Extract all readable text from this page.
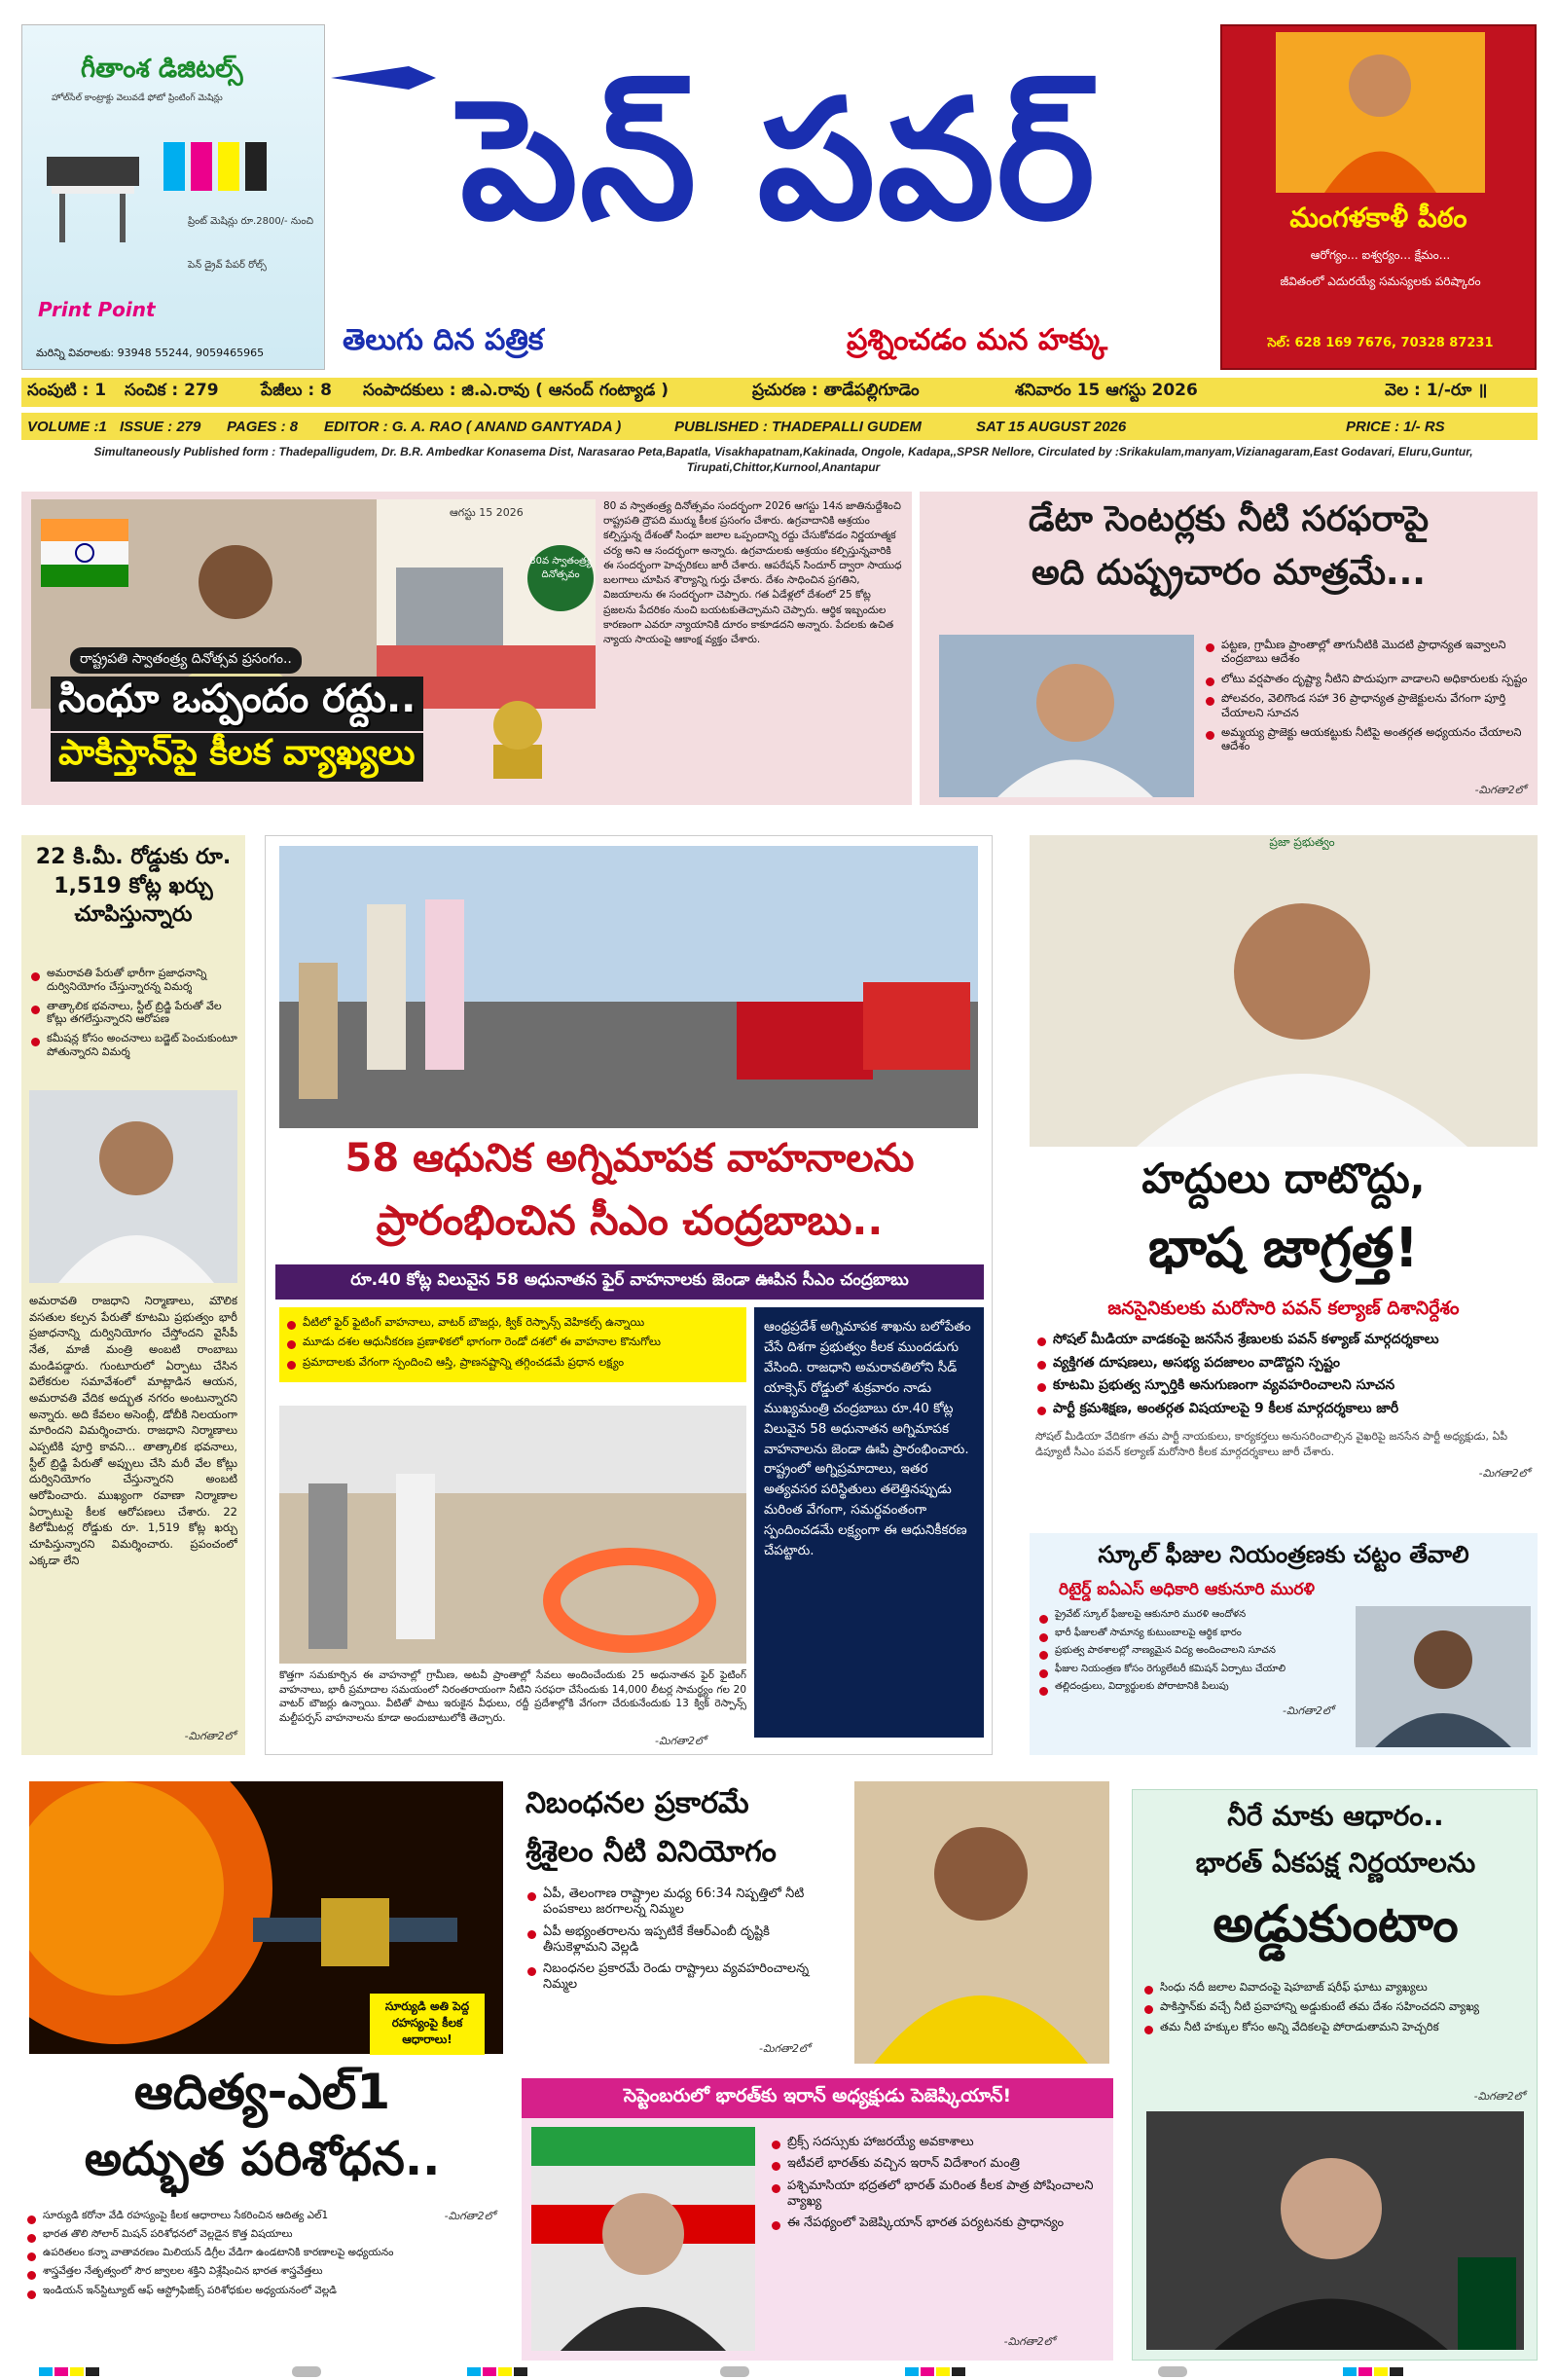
గీతాంశ డిజిటల్స్
హోల్‌సేల్ కాంట్రాక్టు వెలువడే ఫోటో ప్రింటింగ్ మెషిన్లు
ప్రింట్ మెషిన్లు రూ.2800/- నుంచి
పెన్ డ్రైవ్ పేపర్ రోల్స్
Print Point
మరిన్ని వివరాలకు: 93948 55244, 9059465965
పెన్ పవర్
తెలుగు దిన పత్రిక	ప్రశ్నించడం మన హక్కు
మంగళకాళీ పీఠం
ఆరోగ్యం... ఐశ్వర్యం... క్షేమం...
జీవితంలో ఎదురయ్యే సమస్యలకు పరిష్కారం
సెల్: 628 169 7676, 70328 87231
సంపుటి : 1	సంచిక : 279	పేజీలు : 8	సంపాదకులు : జి.ఎ.రావు ( ఆనంద్ గంట్యాడ )	ప్రచురణ : తాడేపల్లిగూడెం	శనివారం 15 ఆగస్టు 2026	వెల : 1/-రూ ॥
VOLUME :1 ISSUE : 279	PAGES : 8	EDITOR : G. A. RAO ( ANAND GANTYADA )	PUBLISHED : THADEPALLI GUDEM	SAT 15 AUGUST 2026	PRICE : 1/- RS
Simultaneously Published form : Thadepalligudem, Dr. B.R. Ambedkar Konasema Dist, Narasarao Peta,Bapatla, Visakhapatnam,Kakinada, Ongole, Kadapa,,SPSR Nellore, Circulated by :Srikakulam,manyam,Vizianagaram,East Godavari, Eluru,Guntur, Tirupati,Chittor,Kurnool,Anantapur
ఆగస్టు 15 2026
80వ స్వాతంత్ర్య దినోత్సవం
రాష్ట్రపతి స్వాతంత్ర్య దినోత్సవ ప్రసంగం..
సింధూ ఒప్పందం రద్దు..
పాకిస్తాన్‌పై కీలక వ్యాఖ్యలు
80 వ స్వాతంత్ర్య దినోత్సవం సందర్భంగా 2026 ఆగస్టు 14న జాతినుద్దేశించి రాష్ట్రపతి ద్రౌపది ముర్ము కీలక ప్రసంగం చేశారు. ఉగ్రవాదానికి ఆశ్రయం కల్పిస్తున్న దేశంతో సింధూ జలాల ఒప్పందాన్ని రద్దు చేసుకోవడం నిర్ణయాత్మక చర్య అని ఆ సందర్భంగా అన్నారు. ఉగ్రవాదులకు ఆశ్రయం కల్పిస్తున్నవారికి ఈ సందర్భంగా హెచ్చరికలు జారీ చేశారు. ఆపరేషన్ సిందూర్ ద్వారా సాయుధ బలగాలు చూపిన శౌర్యాన్ని గుర్తు చేశారు. దేశం సాధించిన ప్రగతిని, విజయాలను ఈ సందర్భంగా చెప్పారు. గత ఏడేళ్లలో దేశంలో 25 కోట్ల ప్రజలను పేదరికం నుంచి బయటకుతెచ్చామని చెప్పారు. ఆర్థిక ఇబ్బందుల కారణంగా ఎవరూ న్యాయానికి దూరం కాకూడదని అన్నారు. పేదలకు ఉచిత న్యాయ సాయంపై ఆకాంక్ష వ్యక్తం చేశారు.
డేటా సెంటర్లకు నీటి సరఫరాపై
అది దుష్ప్రచారం మాత్రమే...
పట్టణ, గ్రామీణ ప్రాంతాల్లో తాగునీటికి మొదటి ప్రాధాన్యత ఇవ్వాలని చంద్రబాబు ఆదేశం
లోటు వర్షపాతం దృష్ట్యా నీటిని పొదుపుగా వాడాలని అధికారులకు స్పష్టం
పోలవరం, వెలిగొండ సహా 36 ప్రాధాన్యత ప్రాజెక్టులను వేగంగా పూర్తి చేయాలని సూచన
అమ్మయ్య ప్రాజెక్టు ఆయకట్టుకు నీటిపై అంతర్గత అధ్యయనం చేయాలని ఆదేశం
-మిగతా2లో
22 కి.మీ. రోడ్డుకు రూ. 1,519 కోట్ల ఖర్చు చూపిస్తున్నారు
అమరావతి పేరుతో భారీగా ప్రజాధనాన్ని దుర్వినియోగం చేస్తున్నారన్న విమర్శ
తాత్కాలిక భవనాలు, స్టీల్ బ్రిడ్జి పేరుతో వేల కోట్లు తగలేస్తున్నారని ఆరోపణ
కమీషన్ల కోసం అంచనాలు బడ్జెట్ పెంచుకుంటూ పోతున్నారని విమర్శ
అమరావతి రాజధాని నిర్మాణాలు, మౌలిక వసతుల కల్పన పేరుతో కూటమి ప్రభుత్వం భారీ ప్రజాధనాన్ని దుర్వినియోగం చేస్తోందని వైసీపీ నేత, మాజీ మంత్రి అంబటి రాంబాబు మండిపడ్డారు. గుంటూరులో ఏర్పాటు చేసిన విలేకరుల సమావేశంలో మాట్లాడిన ఆయన, అమరావతి వేదిక అద్భుత నగరం అంటున్నారని అన్నారు. అది కేవలం అసెంబ్లీ, డోబీకి నిలయంగా మారిందని విమర్శించారు. రాజధాని నిర్మాణాలు ఎప్పటికి పూర్తి కావని... తాత్కాలిక భవనాలు, స్టీల్ బ్రిడ్జి పేరుతో అప్పులు చేసి మరీ వేల కోట్లు దుర్వినియోగం చేస్తున్నారని అంబటి ఆరోపించారు. ముఖ్యంగా రవాణా నిర్మాణాల ఏర్పాటుపై కీలక ఆరోపణలు చేశారు. 22 కిలోమీటర్ల రోడ్డుకు రూ. 1,519 కోట్ల ఖర్చు చూపిస్తున్నారని విమర్శించారు. ప్రపంచంలో ఎక్కడా లేని
-మిగతా2లో
58 ఆధునిక అగ్నిమాపక వాహనాలను
ప్రారంభించిన సీఎం చంద్రబాబు..
రూ.40 కోట్ల విలువైన 58 అధునాతన ఫైర్ వాహనాలకు జెండా ఊపిన సీఎం చంద్రబాబు
వీటిలో ఫైర్ ఫైటింగ్ వాహనాలు, వాటర్ బౌజర్లు, క్విక్ రెస్పాన్స్ వెహికల్స్ ఉన్నాయి
మూడు దశల ఆధునీకరణ ప్రణాళికలో భాగంగా రెండో దశలో ఈ వాహనాల కొనుగోలు
ప్రమాదాలకు వేగంగా స్పందించి ఆస్తి, ప్రాణనష్టాన్ని తగ్గించడమే ప్రధాన లక్ష్యం
ఆంధ్రప్రదేశ్ అగ్నిమాపక శాఖను బలోపేతం చేసే దిశగా ప్రభుత్వం కీలక ముందడుగు వేసింది. రాజధాని అమరావతిలోని సీడ్ యాక్సెస్ రోడ్డులో శుక్రవారం నాడు ముఖ్యమంత్రి చంద్రబాబు రూ.40 కోట్ల విలువైన 58 అధునాతన అగ్నిమాపక వాహనాలను జెండా ఊపి ప్రారంభించారు. రాష్ట్రంలో అగ్నిప్రమాదాలు, ఇతర అత్యవసర పరిస్థితులు తలెత్తినప్పుడు మరింత వేగంగా, సమర్థవంతంగా స్పందించడమే లక్ష్యంగా ఈ ఆధునికీకరణ చేపట్టారు.
కొత్తగా సమకూర్చిన ఈ వాహనాల్లో గ్రామీణ, అటవీ ప్రాంతాల్లో సేవలు అందించేందుకు 25 అధునాతన ఫైర్ ఫైటింగ్ వాహనాలు, భారీ ప్రమాదాల సమయంలో నిరంతరాయంగా నీటిని సరఫరా చేసేందుకు 14,000 లీటర్ల సామర్థ్యం గల 20 వాటర్ బౌజర్లు ఉన్నాయి. వీటితో పాటు ఇరుకైన వీధులు, రద్దీ ప్రదేశాల్లోకి వేగంగా చేరుకునేందుకు 13 క్విక్ రెస్పాన్స్ మల్టీపర్పస్ వాహనాలను కూడా అందుబాటులోకి తెచ్చారు.
-మిగతా2లో
ప్రజా ప్రభుత్వం
హద్దులు దాటొద్దు,
భాష జాగ్రత్త!
జనసైనికులకు మరోసారి పవన్ కల్యాణ్ దిశానిర్దేశం
సోషల్ మీడియా వాడకంపై జనసేన శ్రేణులకు పవన్ కళ్యాణ్ మార్గదర్శకాలు
వ్యక్తిగత దూషణలు, అసభ్య పదజాలం వాడొద్దని స్పష్టం
కూటమి ప్రభుత్వ స్ఫూర్తికి అనుగుణంగా వ్యవహరించాలని సూచన
పార్టీ క్రమశిక్షణ, అంతర్గత విషయాలపై 9 కీలక మార్గదర్శకాలు జారీ
సోషల్ మీడియా వేదికగా తమ పార్టీ నాయకులు, కార్యకర్తలు అనుసరించాల్సిన వైఖరిపై జనసేన పార్టీ అధ్యక్షుడు, ఏపీ డిప్యూటీ సీఎం పవన్ కల్యాణ్ మరోసారి కీలక మార్గదర్శకాలు జారీ చేశారు.
-మిగతా2లో
స్కూల్ ఫీజుల నియంత్రణకు చట్టం తేవాలి
రిటైర్డ్ ఐఏఎస్ అధికారి ఆకునూరి మురళి
ప్రైవేట్ స్కూల్ ఫీజులపై ఆకునూరి మురళి ఆందోళన
భారీ ఫీజులతో సామాన్య కుటుంబాలపై ఆర్థిక భారం
ప్రభుత్వ పాఠశాలల్లో నాణ్యమైన విద్య అందించాలని సూచన
ఫీజుల నియంత్రణ కోసం రెగ్యులేటరీ కమిషన్ ఏర్పాటు చేయాలి
తల్లిదండ్రులు, విద్యార్థులకు పోరాటానికి పిలుపు
-మిగతా2లో
సూర్యుడి అతి పెద్ద రహస్యంపై కీలక ఆధారాలు!
ఆదిత్య-ఎల్1
అద్భుత పరిశోధన..
సూర్యుడి కరోనా వేడి రహస్యంపై కీలక ఆధారాలు సేకరించిన ఆదిత్య ఎల్1
భారత తొలి సోలార్ మిషన్ పరిశోధనలో వెల్లడైన కొత్త విషయాలు
ఉపరితలం కన్నా వాతావరణం మిలియన్ డిగ్రీల వేడిగా ఉండటానికి కారణాలపై అధ్యయనం
శాస్త్రవేత్తల నేతృత్వంలో సౌర జ్వాలల శక్తిని విశ్లేషించిన భారత శాస్త్రవేత్తలు
ఇండియన్ ఇన్‌స్టిట్యూట్ ఆఫ్ ఆస్ట్రోఫిజిక్స్ పరిశోధకుల అధ్యయనంలో వెల్లడి
-మిగతా2లో
నిబంధనల ప్రకారమే
శ్రీశైలం నీటి వినియోగం
ఏపీ, తెలంగాణ రాష్ట్రాల మధ్య 66:34 నిష్పత్తిలో నీటి పంపకాలు జరగాలన్న నిమ్మల
ఏపీ అభ్యంతరాలను ఇప్పటికే కేఆర్ఎంబీ దృష్టికి తీసుకెళ్లామని వెల్లడి
నిబంధనల ప్రకారమే రెండు రాష్ట్రాలు వ్యవహరించాలన్న నిమ్మల
-మిగతా2లో
సెప్టెంబరులో భారత్‌కు ఇరాన్ అధ్యక్షుడు పెజెష్కియాన్!
బ్రిక్స్ సదస్సుకు హాజరయ్యే అవకాశాలు
ఇటీవలే భారత్‌కు వచ్చిన ఇరాన్ విదేశాంగ మంత్రి
పశ్చిమాసియా భద్రతలో భారత్ మరింత కీలక పాత్ర పోషించాలని వ్యాఖ్య
ఈ నేపథ్యంలో పెజెష్కియాన్ భారత పర్యటనకు ప్రాధాన్యం
-మిగతా2లో
నీరే మాకు ఆధారం..
భారత్ ఏకపక్ష నిర్ణయాలను
అడ్డుకుంటాం
సింధు నదీ జలాల వివాదంపై షెహబాజ్ షరీఫ్ ఘాటు వ్యాఖ్యలు
పాకిస్తాన్‌కు వచ్చే నీటి ప్రవాహాన్ని అడ్డుకుంటే తమ దేశం సహించదని వ్యాఖ్య
తమ నీటి హక్కుల కోసం అన్ని వేదికలపై పోరాడుతామని హెచ్చరిక
-మిగతా2లో
